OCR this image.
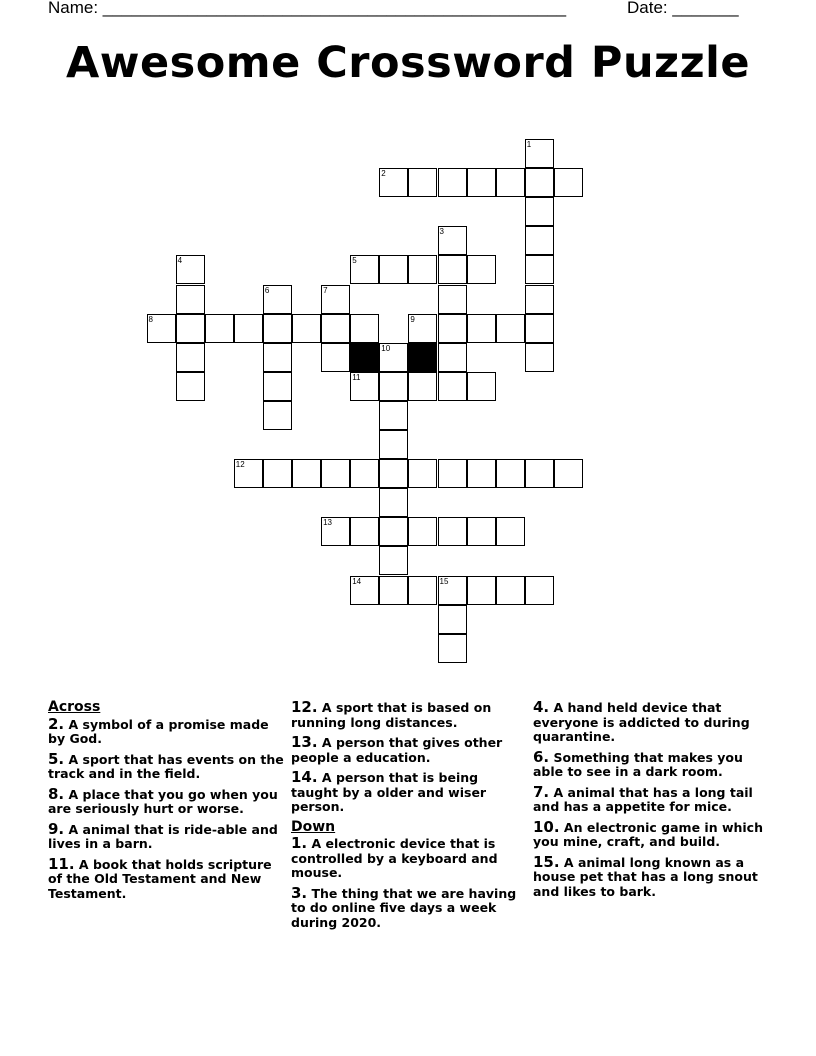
Name: _________________________________________________	Date: _______
Awesome Crossword Puzzle
1
2
3
4	5
6	7
8	9
10
11
12
13
14	15
Across
2. A symbol of a promise made by God.
5. A sport that has events on the track and in the field.
8. A place that you go when you are seriously hurt or worse.
9. A animal that is ride-able and lives in a barn.
11. A book that holds scripture of the Old Testament and New Testament.
12. A sport that is based on running long distances.
13. A person that gives other people a education.
14. A person that is being taught by a older and wiser person.
Down
1. A electronic device that is controlled by a keyboard and mouse.
3. The thing that we are having to do online five days a week during 2020.
4. A hand held device that everyone is addicted to during quarantine.
6. Something that makes you able to see in a dark room.
7. A animal that has a long tail and has a appetite for mice.
10. An electronic game in which you mine, craft, and build.
15. A animal long known as a house pet that has a long snout and likes to bark.
